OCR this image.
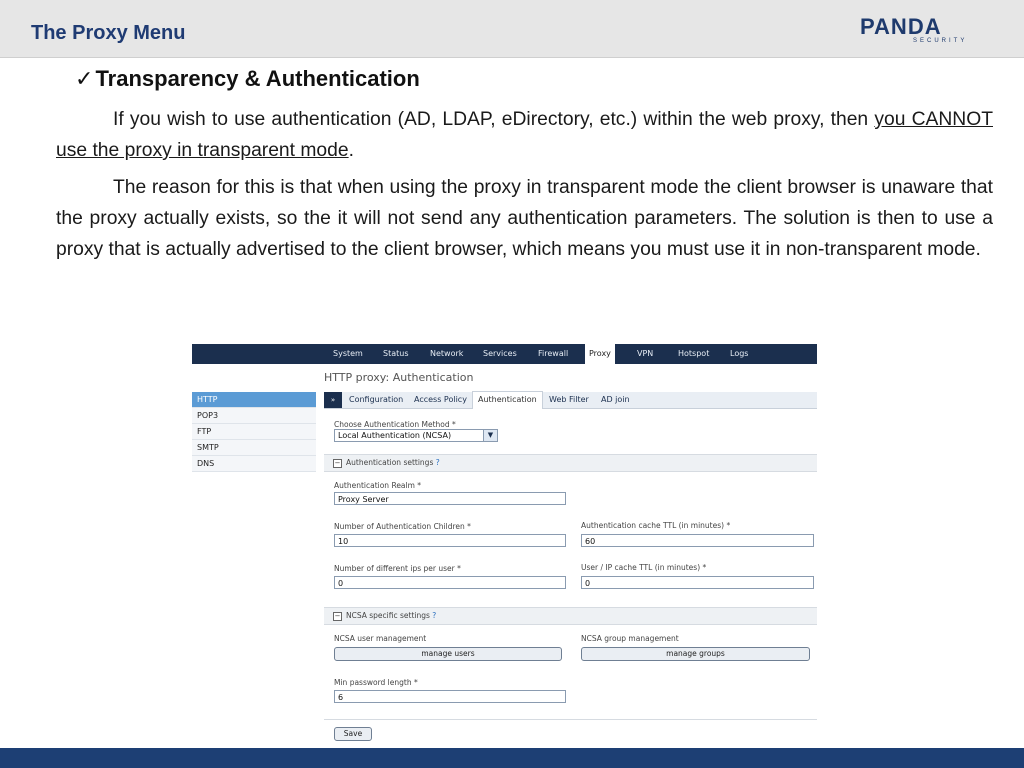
The Proxy Menu	PANDA
SECURITY
✓Transparency & Authentication

If you wish to use authentication (AD, LDAP, eDirectory, etc.) within the web proxy, then you CANNOT use the proxy in transparent mode.

The reason for this is that when using the proxy in transparent mode the client browser is unaware that the proxy actually exists, so the it will not send any authentication parameters. The solution is then to use a proxy that is actually advertised to the client browser, which means you must use it in non-transparent mode.

System	Status	Network Services	Firewall	Proxy	VPN	Hotspot	Logs
HTTP proxy: Authentication
HTTP
POP3
FTP
SMTP
DNS
»	Configuration Access Policy	Authentication	Web Filter AD join
Choose Authentication Method *
Local Authentication (NCSA)	▼
− Authentication settings ?
Authentication Realm *
Proxy Server
Number of Authentication Children *
10
Authentication cache TTL (in minutes) *
60
Number of different ips per user *
0
User / IP cache TTL (in minutes) *
0
− NCSA specific settings ?
NCSA user management
manage users
NCSA group management
manage groups
Min password length *
6
Save
